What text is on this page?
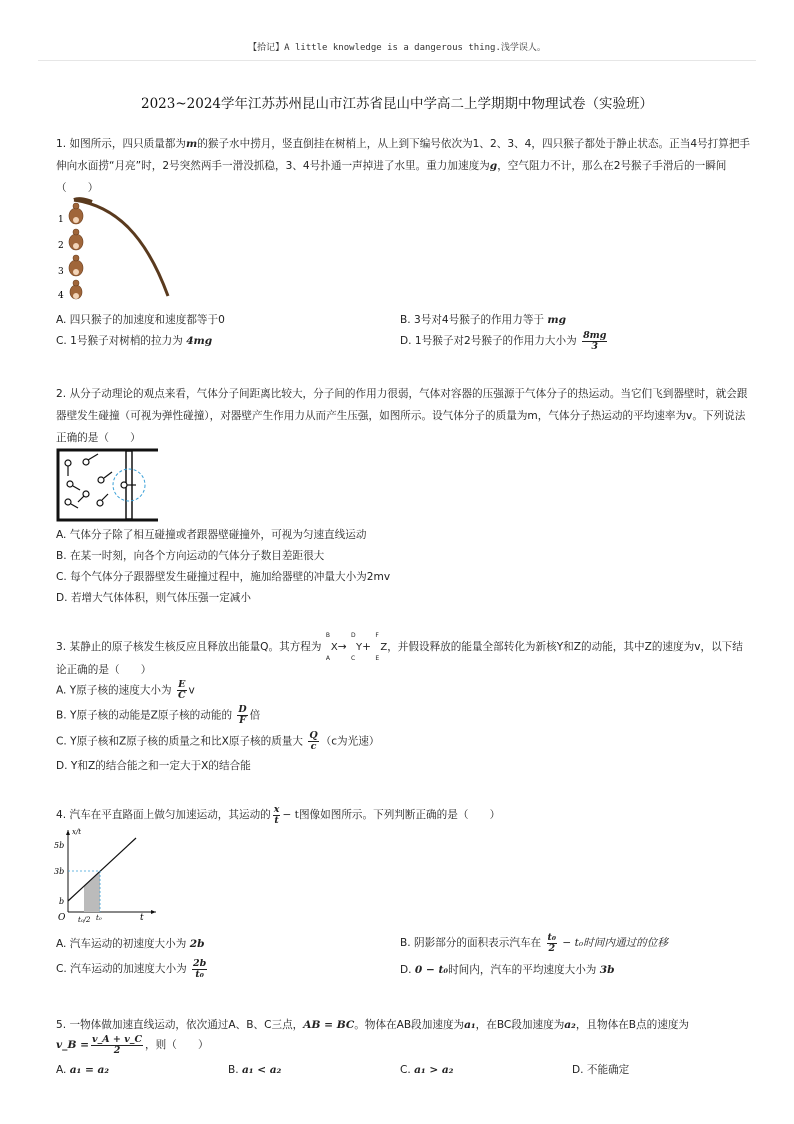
【拾记】A little knowledge is a dangerous thing.浅学误人。
2023~2024学年江苏苏州昆山市江苏省昆山中学高二上学期期中物理试卷（实验班）
1. 如图所示，四只质量都为m的猴子水中捞月，竖直倒挂在树梢上，从上到下编号依次为1、2、3、4，四只猴子都处于静止状态。正当4号打算把手
伸向水面捞“月亮”时，2号突然两手一滑没抓稳，3、4号扑通一声掉进了水里。重力加速度为g，空气阻力不计，那么在2号猴子手滑后的一瞬间
（　　）
1
2
3
4
A. 四只猴子的加速度和速度都等于0	B. 3号对4号猴子的作用力等于 mg
C. 1号猴子对树梢的拉力为 4mg	D. 1号猴子对2号猴子的作用力大小为 $\frac{8mg}{3}$
2. 从分子动理论的观点来看，气体分子间距离比较大，分子间的作用力很弱，气体对容器的压强源于气体分子的热运动。当它们飞到器壁时，就会跟
器壁发生碰撞（可视为弹性碰撞），对器壁产生作用力从而产生压强，如图所示。设气体分子的质量为m，气体分子热运动的平均速率为v。下列说法
正确的是（　　）
A. 气体分子除了相互碰撞或者跟器壁碰撞外，可视为匀速直线运动
B. 在某一时刻，向各个方向运动的气体分子数目差距很大
C. 每个气体分子跟器壁发生碰撞过程中，施加给器壁的冲量大小为2mv
D. 若增大气体体积，则气体压强一定减小
3. 某静止的原子核发生核反应且释放出能量Q。其方程为
B
A
X→
D
C
Y+
F
E
Z，并假设释放的能量全部转化为新核Y和Z的动能，其中Z的速度为v，以下结
论正确的是（　　）
A. Y原子核的速度大小为 $\frac{E}{C}$ v
B. Y原子核的动能是Z原子核的动能的 $\frac{D}{F}$ 倍
C. Y原子核和Z原子核的质量之和比X原子核的质量大 $\frac{Q}{c} (c$为光速）
D. Y和Z的结合能之和一定大于X的结合能
4. 汽车在平直路面上做匀加速运动，其运动的 $\frac{x}{t} - t$图像如图所示。下列判断正确的是（　　）
x/t
5b
3b
b
O t₀/2 t₀	t
A. 汽车运动的初速度大小为 2b	B. 阴影部分的面积表示汽车在 $\frac{\text{t₀}}{2} - t_0$时间内通过的位移
C. 汽车运动的加速度大小为 $\frac{2b}{\text{t₀}}$	D. 0 − t₀时间内，汽车的平均速度大小为 3b
5. 一物体做加速直线运动，依次通过A、B、C三点，AB = BC。物体在AB段加速度为a₁，在BC段加速度为a₂，且物体在B点的速度为
v_B = $\frac{v\_A + v\_C}{2}$ ，则（　　）
A. a₁ = a₂	B. a₁ < a₂	C. a₁ > a₂	D. 不能确定
